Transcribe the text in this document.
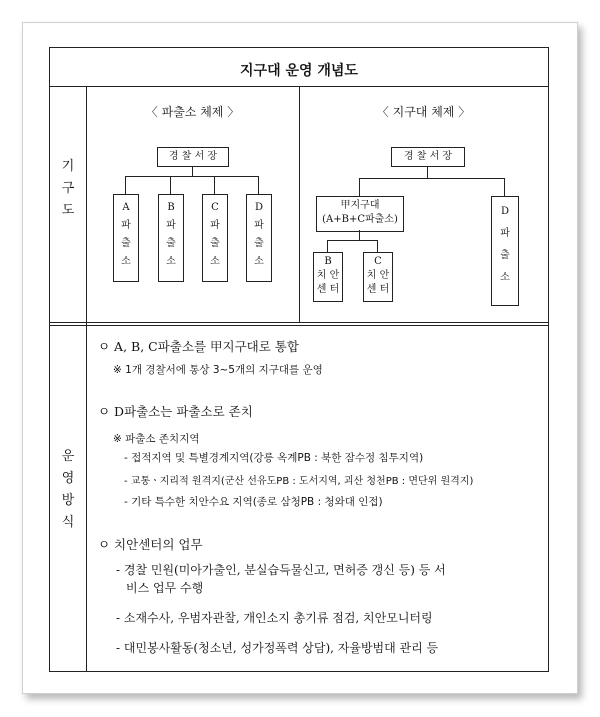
지구대 운영 개념도
기
구
도
운
영
방
식
〈 파출소 체제 〉
경 찰 서 장
A
파
출
소
B
파
출
소
C
파
출
소
D
파
출
소
〈 지구대 체제 〉
경 찰 서 장
甲지구대
(A+B+C파출소)
B
치 안
센 터
C
치 안
센 터
D
파
출
소
ㅇ A, B, C파출소를 甲지구대로 통합
※ 1개 경찰서에 통상 3~5개의 지구대를 운영
ㅇ D파출소는 파출소로 존치
※ 파출소 존치지역
- 접적지역 및 특별경계지역(강릉 옥계PB : 북한 잠수정 침투지역)
- 교통ㆍ지리적 원격지(군산 선유도PB : 도서지역, 괴산 청천PB : 면단위 원격지)
- 기타 특수한 치안수요 지역(종로 삼청PB : 청와대 인접)
ㅇ 치안센터의 업무
- 경찰 민원(미아가출인, 분실습득물신고, 면허증 갱신 등) 등 서
비스 업무 수행
- 소재수사, 우범자관찰, 개인소지 총기류 점검, 치안모니터링
- 대민봉사활동(청소년, 성가정폭력 상담), 자율방범대 관리 등
